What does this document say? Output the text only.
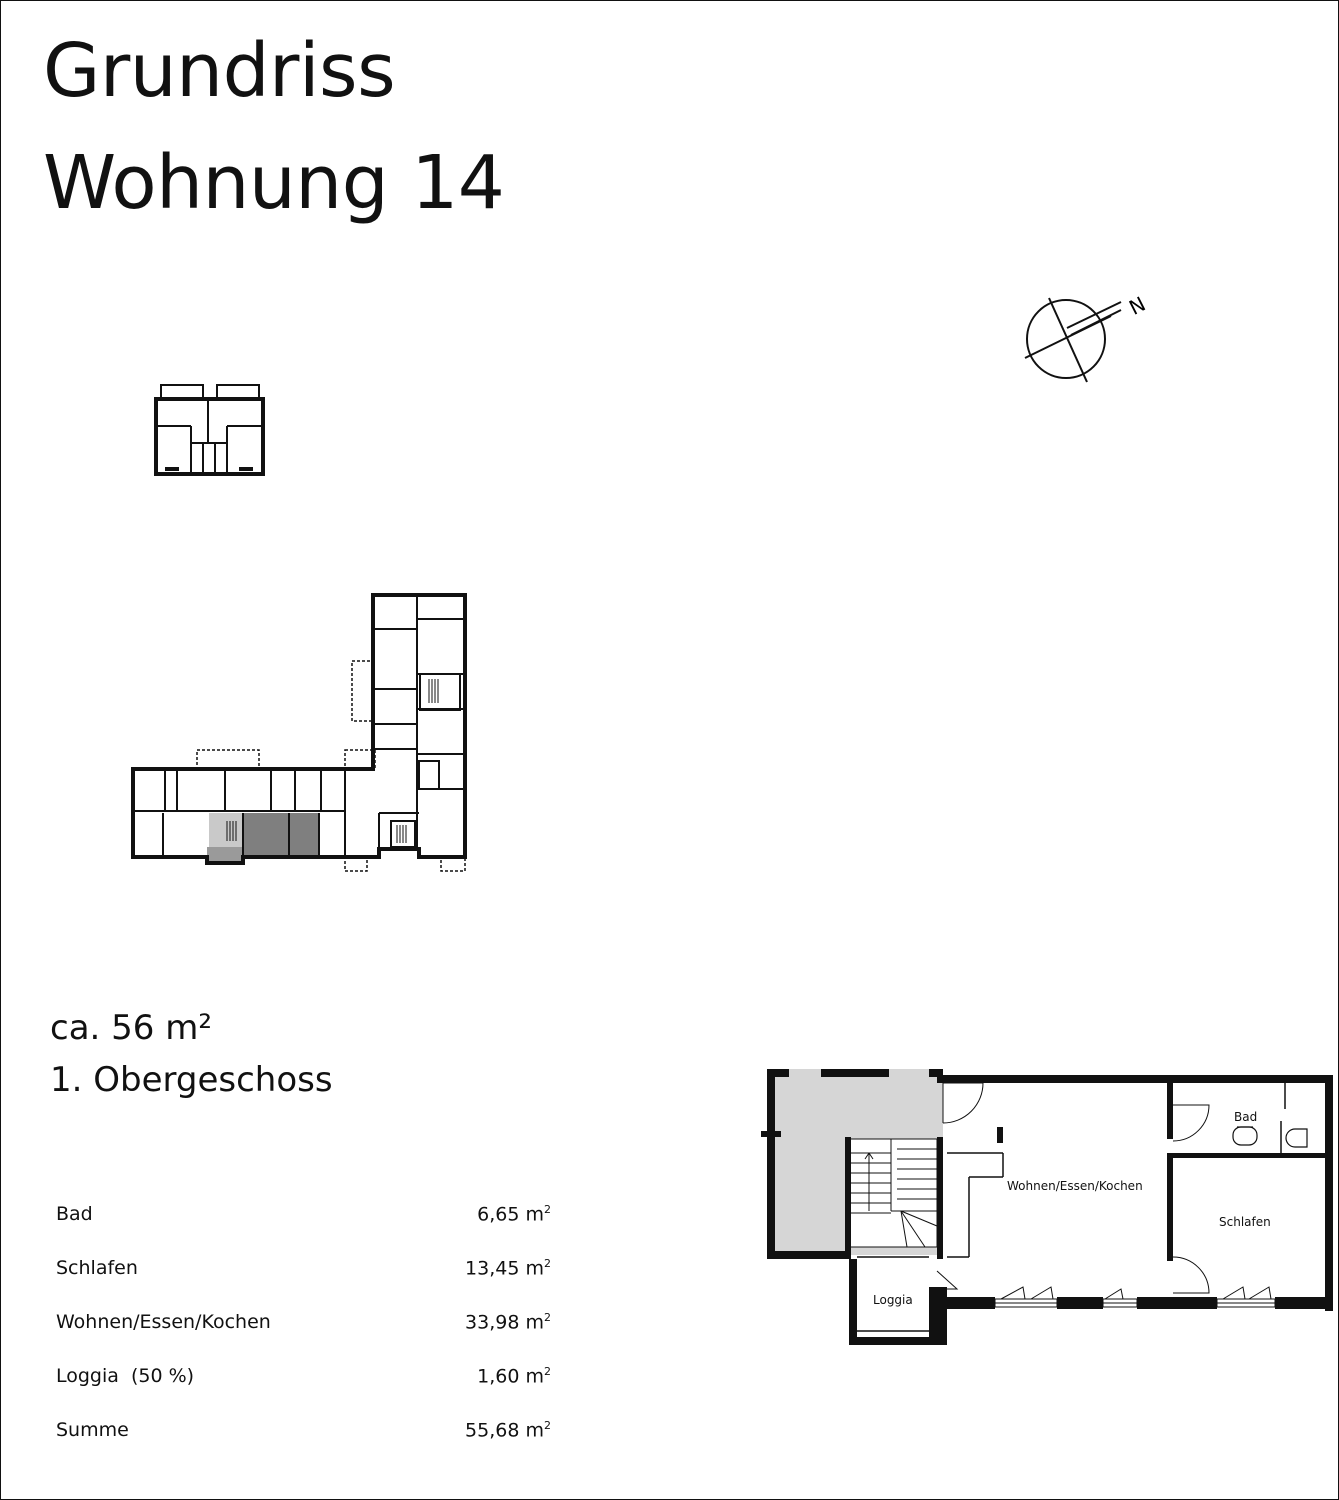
Grundriss
Wohnung 14
N
ca. 56 m²
1. Obergeschoss
Bad	6,65 $m^2$
Schlafen	13,45 $m^2$
Wohnen/Essen/Kochen	33,98 $m^2$
Loggia  (50 %)	1,60 $m^2$
Summe	55,68 $m^2$
Bad
Wohnen/Essen/Kochen
Schlafen
Loggia
